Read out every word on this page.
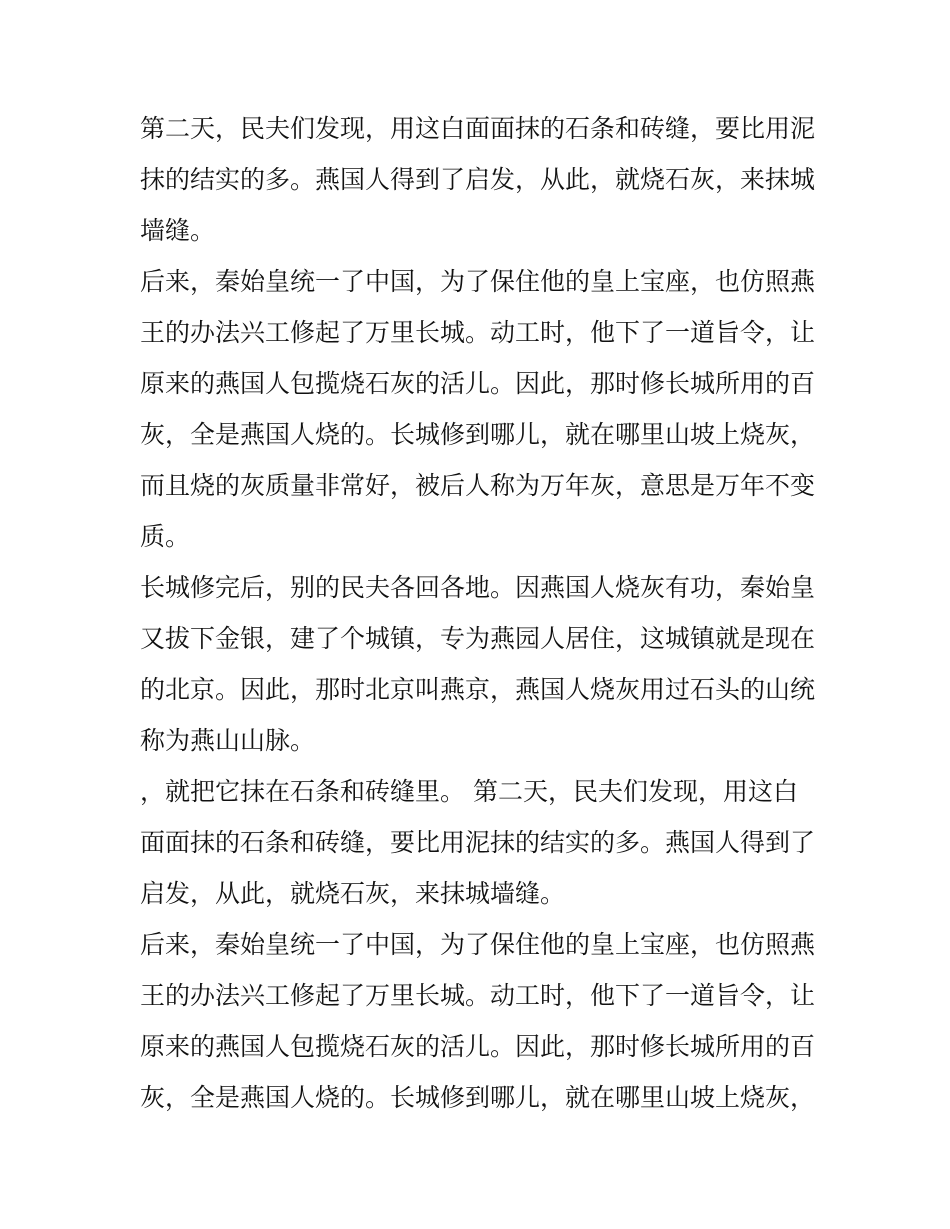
第二天，民夫们发现，用这白面面抹的石条和砖缝，要比用泥
抹的结实的多。燕国人得到了启发，从此，就烧石灰，来抹城
墙缝。
后来，秦始皇统一了中国，为了保住他的皇上宝座，也仿照燕
王的办法兴工修起了万里长城。动工时，他下了一道旨令，让
原来的燕国人包揽烧石灰的活儿。因此，那时修长城所用的百
灰，全是燕国人烧的。长城修到哪儿，就在哪里山坡上烧灰，
而且烧的灰质量非常好，被后人称为万年灰，意思是万年不变
质。
长城修完后，别的民夫各回各地。因燕国人烧灰有功，秦始皇
又拔下金银，建了个城镇，专为燕园人居住，这城镇就是现在
的北京。因此，那时北京叫燕京，燕国人烧灰用过石头的山统
称为燕山山脉。
，就把它抹在石条和砖缝里。 第二天，民夫们发现，用这白
面面抹的石条和砖缝，要比用泥抹的结实的多。燕国人得到了
启发，从此，就烧石灰，来抹城墙缝。
后来，秦始皇统一了中国，为了保住他的皇上宝座，也仿照燕
王的办法兴工修起了万里长城。动工时，他下了一道旨令，让
原来的燕国人包揽烧石灰的活儿。因此，那时修长城所用的百
灰，全是燕国人烧的。长城修到哪儿，就在哪里山坡上烧灰，
